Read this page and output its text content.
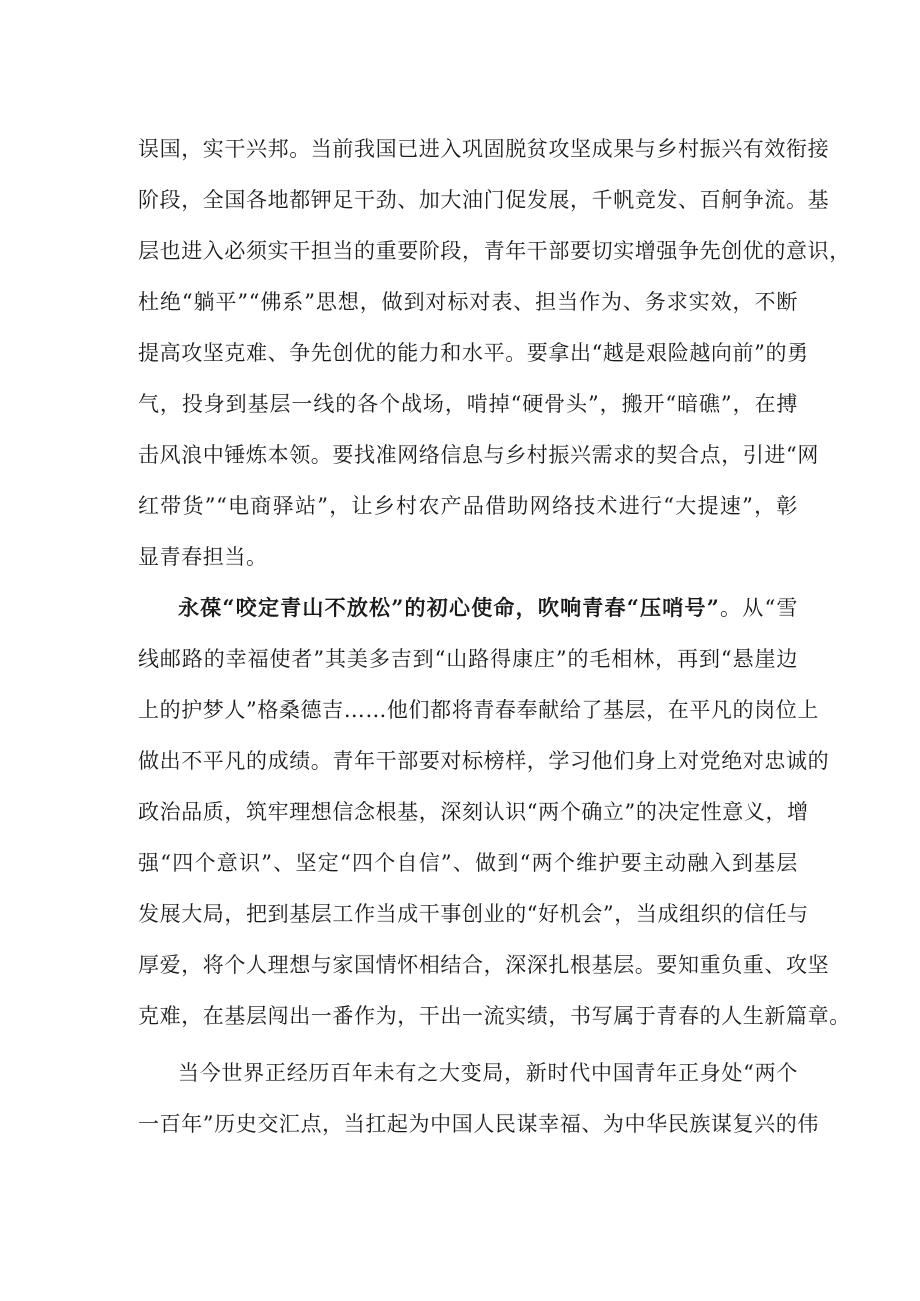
误国，实干兴邦。当前我国已进入巩固脱贫攻坚成果与乡村振兴有效衔接
阶段，全国各地都钾足干劲、加大油门促发展，千帆竞发、百舸争流。基
层也进入必须实干担当的重要阶段，青年干部要切实增强争先创优的意识，
杜绝“躺平”“佛系”思想，做到对标对表、担当作为、务求实效，不断
提高攻坚克难、争先创优的能力和水平。要拿出“越是艰险越向前”的勇
气，投身到基层一线的各个战场，啃掉“硬骨头”，搬开“暗礁”，在搏
击风浪中锤炼本领。要找准网络信息与乡村振兴需求的契合点，引进“网
红带货”“电商驿站”，让乡村农产品借助网络技术进行“大提速”，彰
显青春担当。
永葆“咬定青山不放松”的初心使命，吹响青春“压哨号”。从“雪
线邮路的幸福使者”其美多吉到“山路得康庄”的毛相林，再到“悬崖边
上的护梦人”格桑德吉……他们都将青春奉献给了基层，在平凡的岗位上
做出不平凡的成绩。青年干部要对标榜样，学习他们身上对党绝对忠诚的
政治品质，筑牢理想信念根基，深刻认识“两个确立”的决定性意义，增
强“四个意识”、坚定“四个自信”、做到“两个维护要主动融入到基层
发展大局，把到基层工作当成干事创业的“好机会”，当成组织的信任与
厚爱，将个人理想与家国情怀相结合，深深扎根基层。要知重负重、攻坚
克难，在基层闯出一番作为，干出一流实绩，书写属于青春的人生新篇章。
当今世界正经历百年未有之大变局，新时代中国青年正身处“两个
一百年”历史交汇点，当扛起为中国人民谋幸福、为中华民族谋复兴的伟
